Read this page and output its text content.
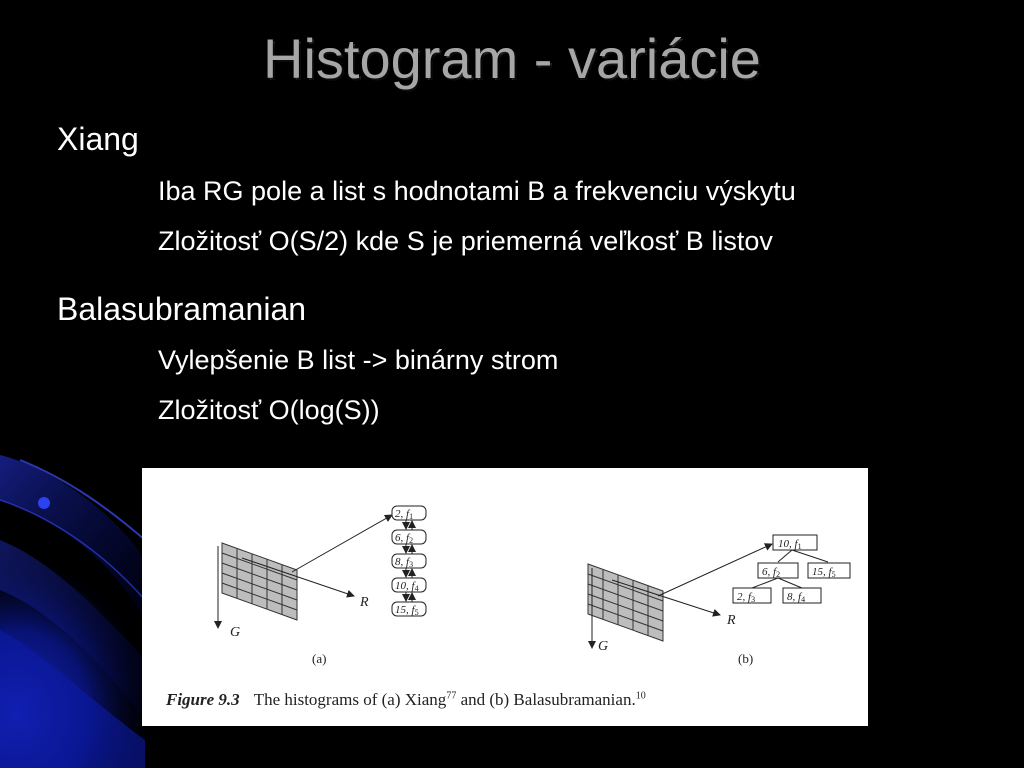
Histogram - variácie
Xiang
Iba RG pole a list s hodnotami B a frekvenciu výskytu
Zložitosť O(S/2) kde S je priemerná veľkosť B listov
Balasubramanian
Vylepšenie B list -> binárny strom
Zložitosť O(log(S))
G
R
(a)
2, f1
6, f2
8, f3
10, f4
15, f5
G
R
(b)
10, f1
6, f2	15, f5
2, f3	8, f4
Figure 9.3 The histograms of (a) Xiang$^{77}$ and (b) Balasubramanian.$^{10}$
